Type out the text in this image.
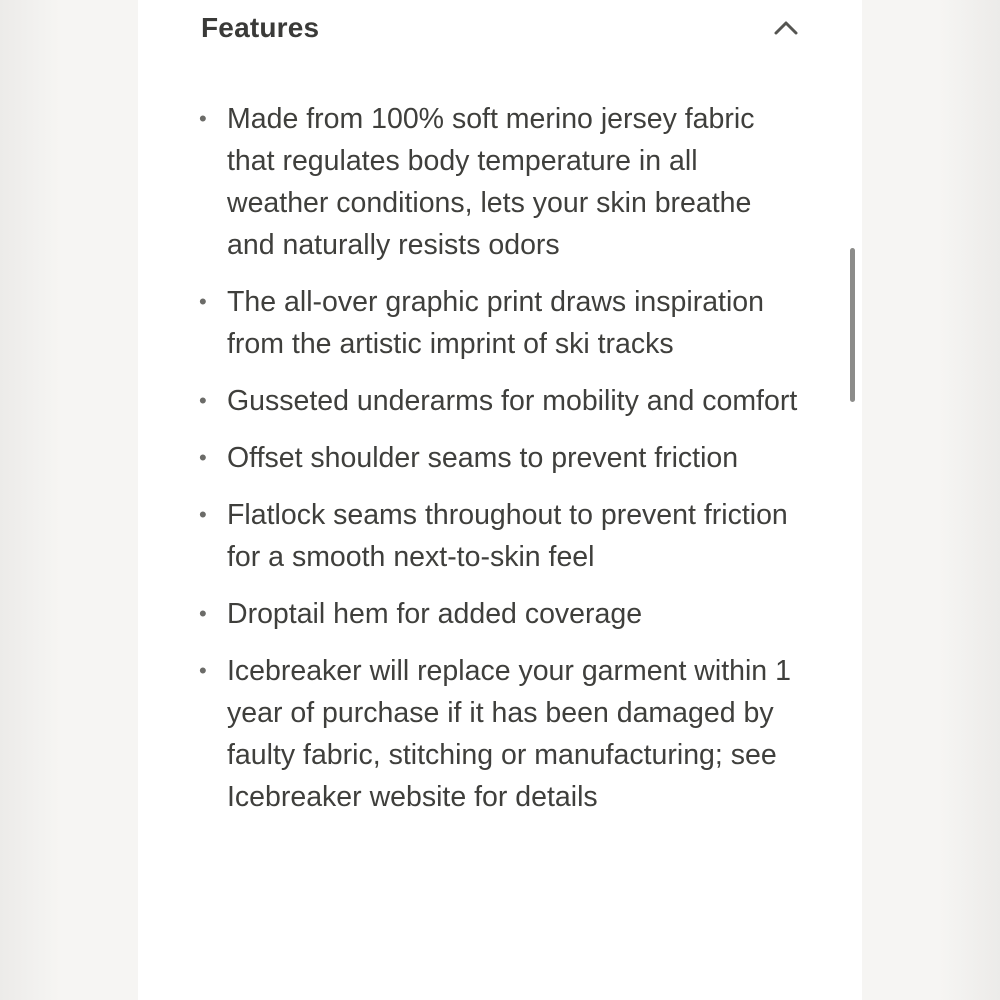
Features
• Made from 100% soft merino jersey fabric that regulates body temperature in all weather conditions, lets your skin breathe and naturally resists odors
• The all-over graphic print draws inspiration from the artistic imprint of ski tracks
• Gusseted underarms for mobility and comfort
• Offset shoulder seams to prevent friction
• Flatlock seams throughout to prevent friction for a smooth next-to-skin feel
• Droptail hem for added coverage
• Icebreaker will replace your garment within 1 year of purchase if it has been damaged by faulty fabric, stitching or manufacturing; see Icebreaker website for details
